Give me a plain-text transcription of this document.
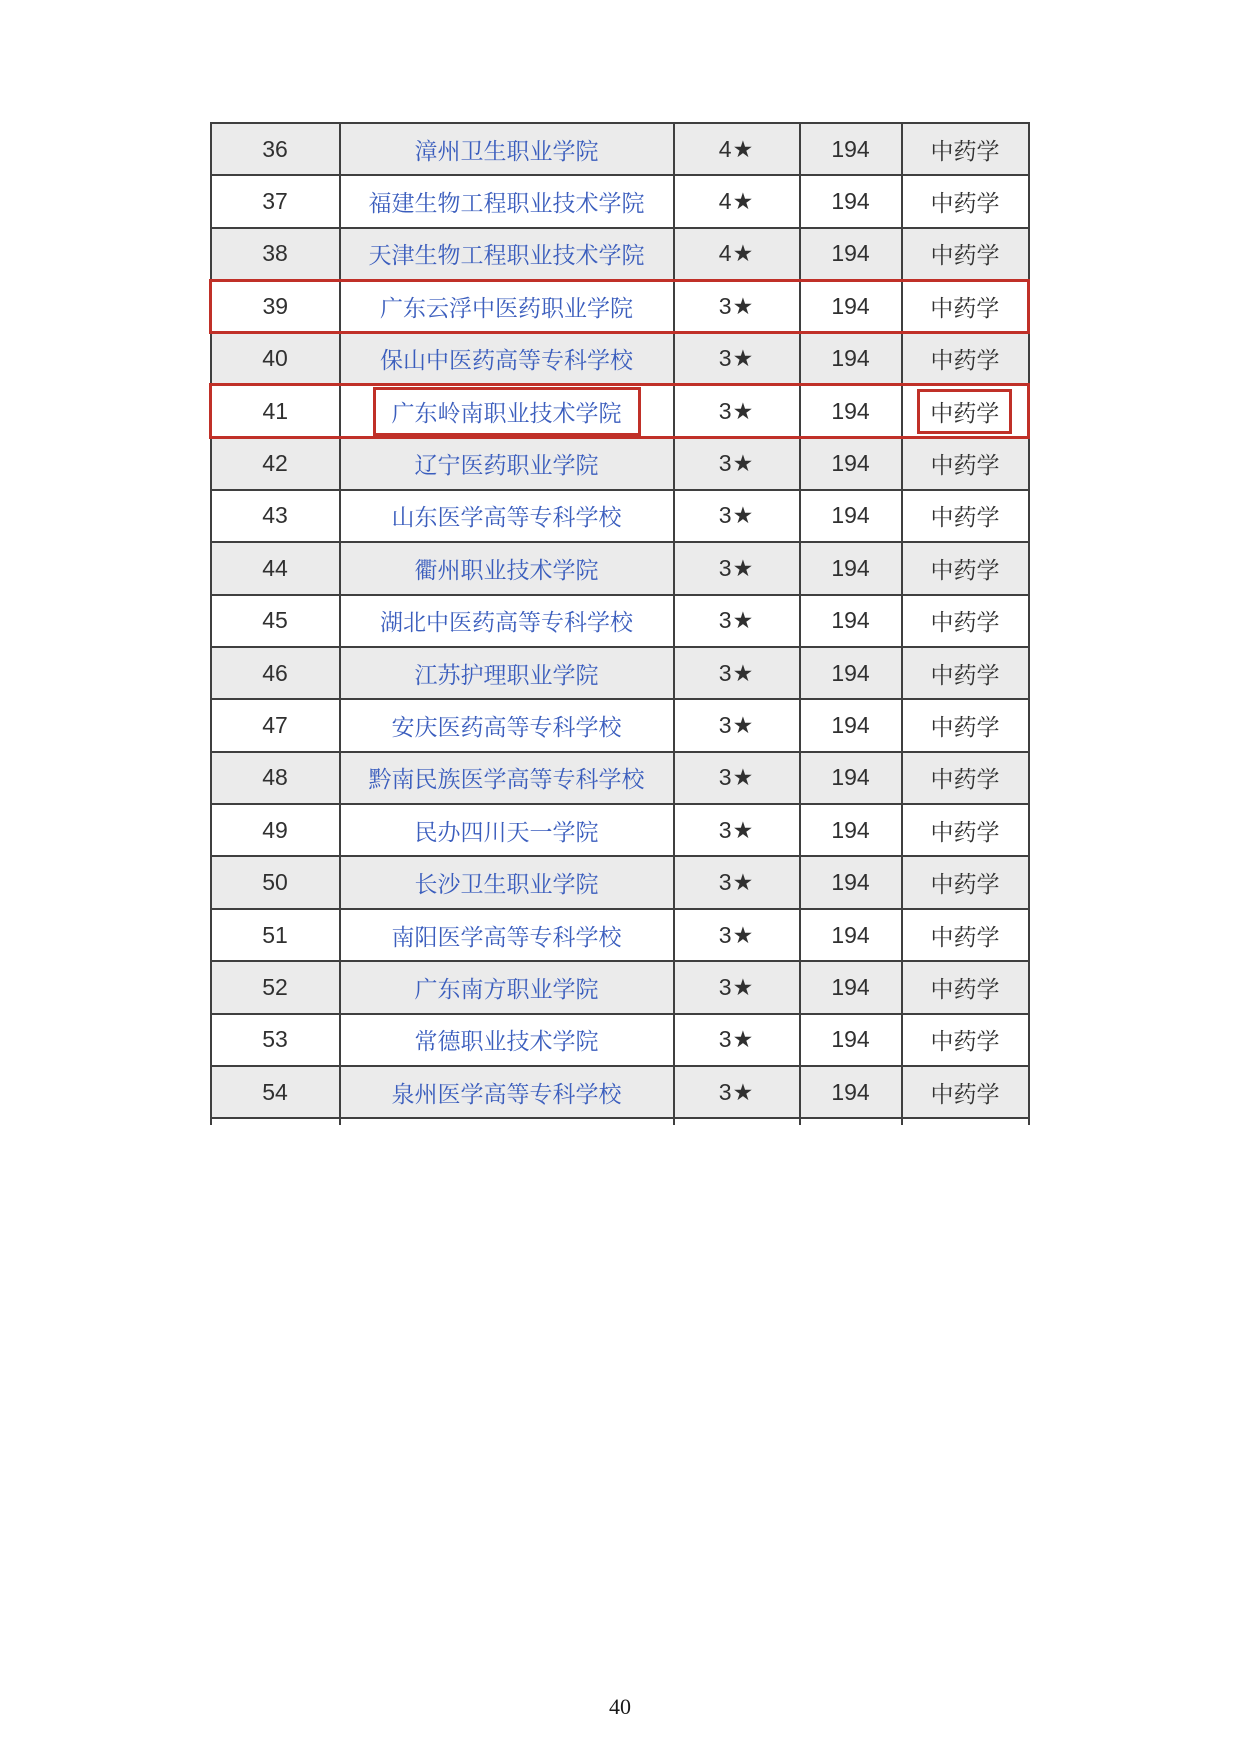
36	漳州卫生职业学院	4★	194	中药学
37	福建生物工程职业技术学院	4★	194	中药学
38	天津生物工程职业技术学院	4★	194	中药学
39	广东云浮中医药职业学院	3★	194	中药学
40	保山中医药高等专科学校	3★	194	中药学
41	广东岭南职业技术学院	3★	194	中药学
42	辽宁医药职业学院	3★	194	中药学
43	山东医学高等专科学校	3★	194	中药学
44	衢州职业技术学院	3★	194	中药学
45	湖北中医药高等专科学校	3★	194	中药学
46	江苏护理职业学院	3★	194	中药学
47	安庆医药高等专科学校	3★	194	中药学
48	黔南民族医学高等专科学校	3★	194	中药学
49	民办四川天一学院	3★	194	中药学
50	长沙卫生职业学院	3★	194	中药学
51	南阳医学高等专科学校	3★	194	中药学
52	广东南方职业学院	3★	194	中药学
53	常德职业技术学院	3★	194	中药学
54	泉州医学高等专科学校	3★	194	中药学

40
